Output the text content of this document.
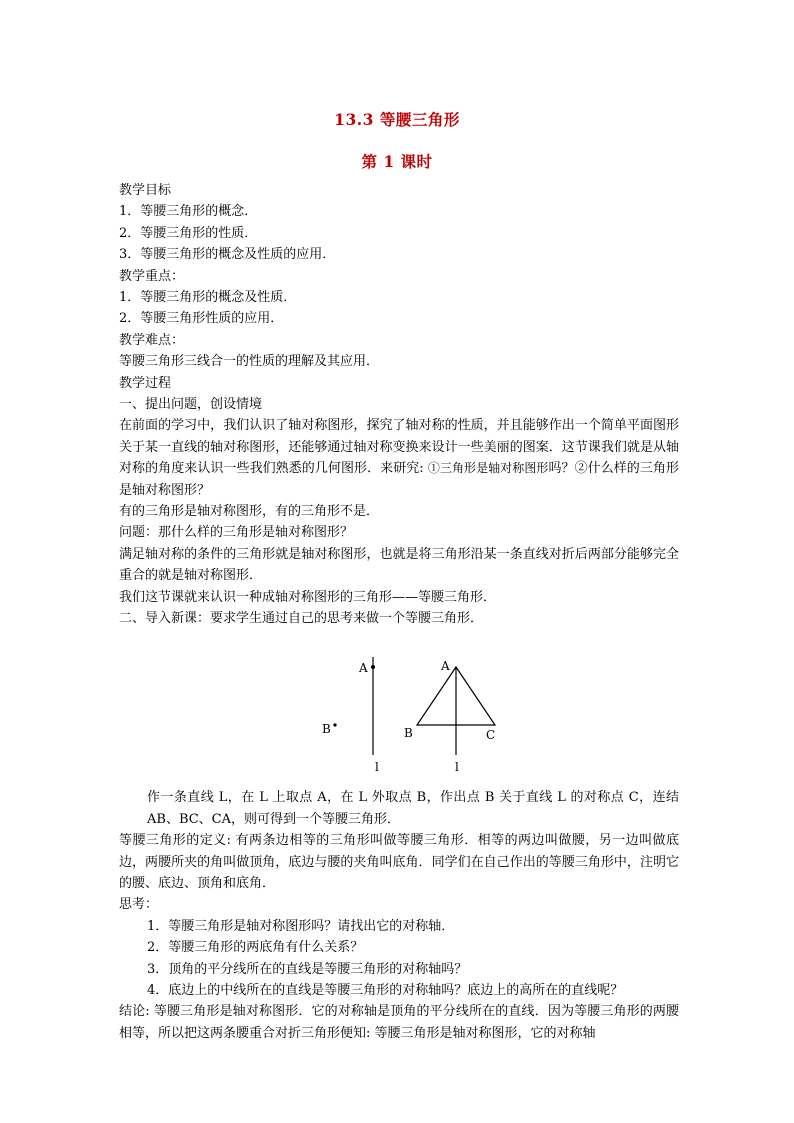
13.3 等腰三角形
第 1 课时
教学目标
1．等腰三角形的概念．
2．等腰三角形的性质．
3．等腰三角形的概念及性质的应用．
教学重点：
1．等腰三角形的概念及性质．
2．等腰三角形性质的应用．
教学难点：
等腰三角形三线合一的性质的理解及其应用．
教学过程
一、提出问题，创设情境
在前面的学习中，我们认识了轴对称图形，探究了轴对称的性质，并且能够作出一个简单平面图形关于某一直线的轴对称图形，还能够通过轴对称变换来设计一些美丽的图案．这节课我们就是从轴对称的角度来认识一些我们熟悉的几何图形．来研究: ①三角形是轴对称图形吗？②什么样的三角形是轴对称图形？
有的三角形是轴对称图形，有的三角形不是．
问题：那什么样的三角形是轴对称图形？
满足轴对称的条件的三角形就是轴对称图形，也就是将三角形沿某一条直线对折后两部分能够完全重合的就是轴对称图形．
我们这节课就来认识一种成轴对称图形的三角形——等腰三角形．
二、导入新课：要求学生通过自己的思考来做一个等腰三角形．
A
B
l
A
B	C
l
作一条直线 L，在 L 上取点 A，在 L 外取点 B，作出点 B 关于直线 L 的对称点 C，连结 AB、BC、CA，则可得到一个等腰三角形．
等腰三角形的定义: 有两条边相等的三角形叫做等腰三角形．相等的两边叫做腰，另一边叫做底边，两腰所夹的角叫做顶角，底边与腰的夹角叫底角．同学们在自己作出的等腰三角形中，注明它的腰、底边、顶角和底角．
思考：
1．等腰三角形是轴对称图形吗？请找出它的对称轴．
2．等腰三角形的两底角有什么关系？
3．顶角的平分线所在的直线是等腰三角形的对称轴吗？
4．底边上的中线所在的直线是等腰三角形的对称轴吗？底边上的高所在的直线呢？
结论: 等腰三角形是轴对称图形．它的对称轴是顶角的平分线所在的直线．因为等腰三角形的两腰相等，所以把这两条腰重合对折三角形便知: 等腰三角形是轴对称图形，它的对称轴
